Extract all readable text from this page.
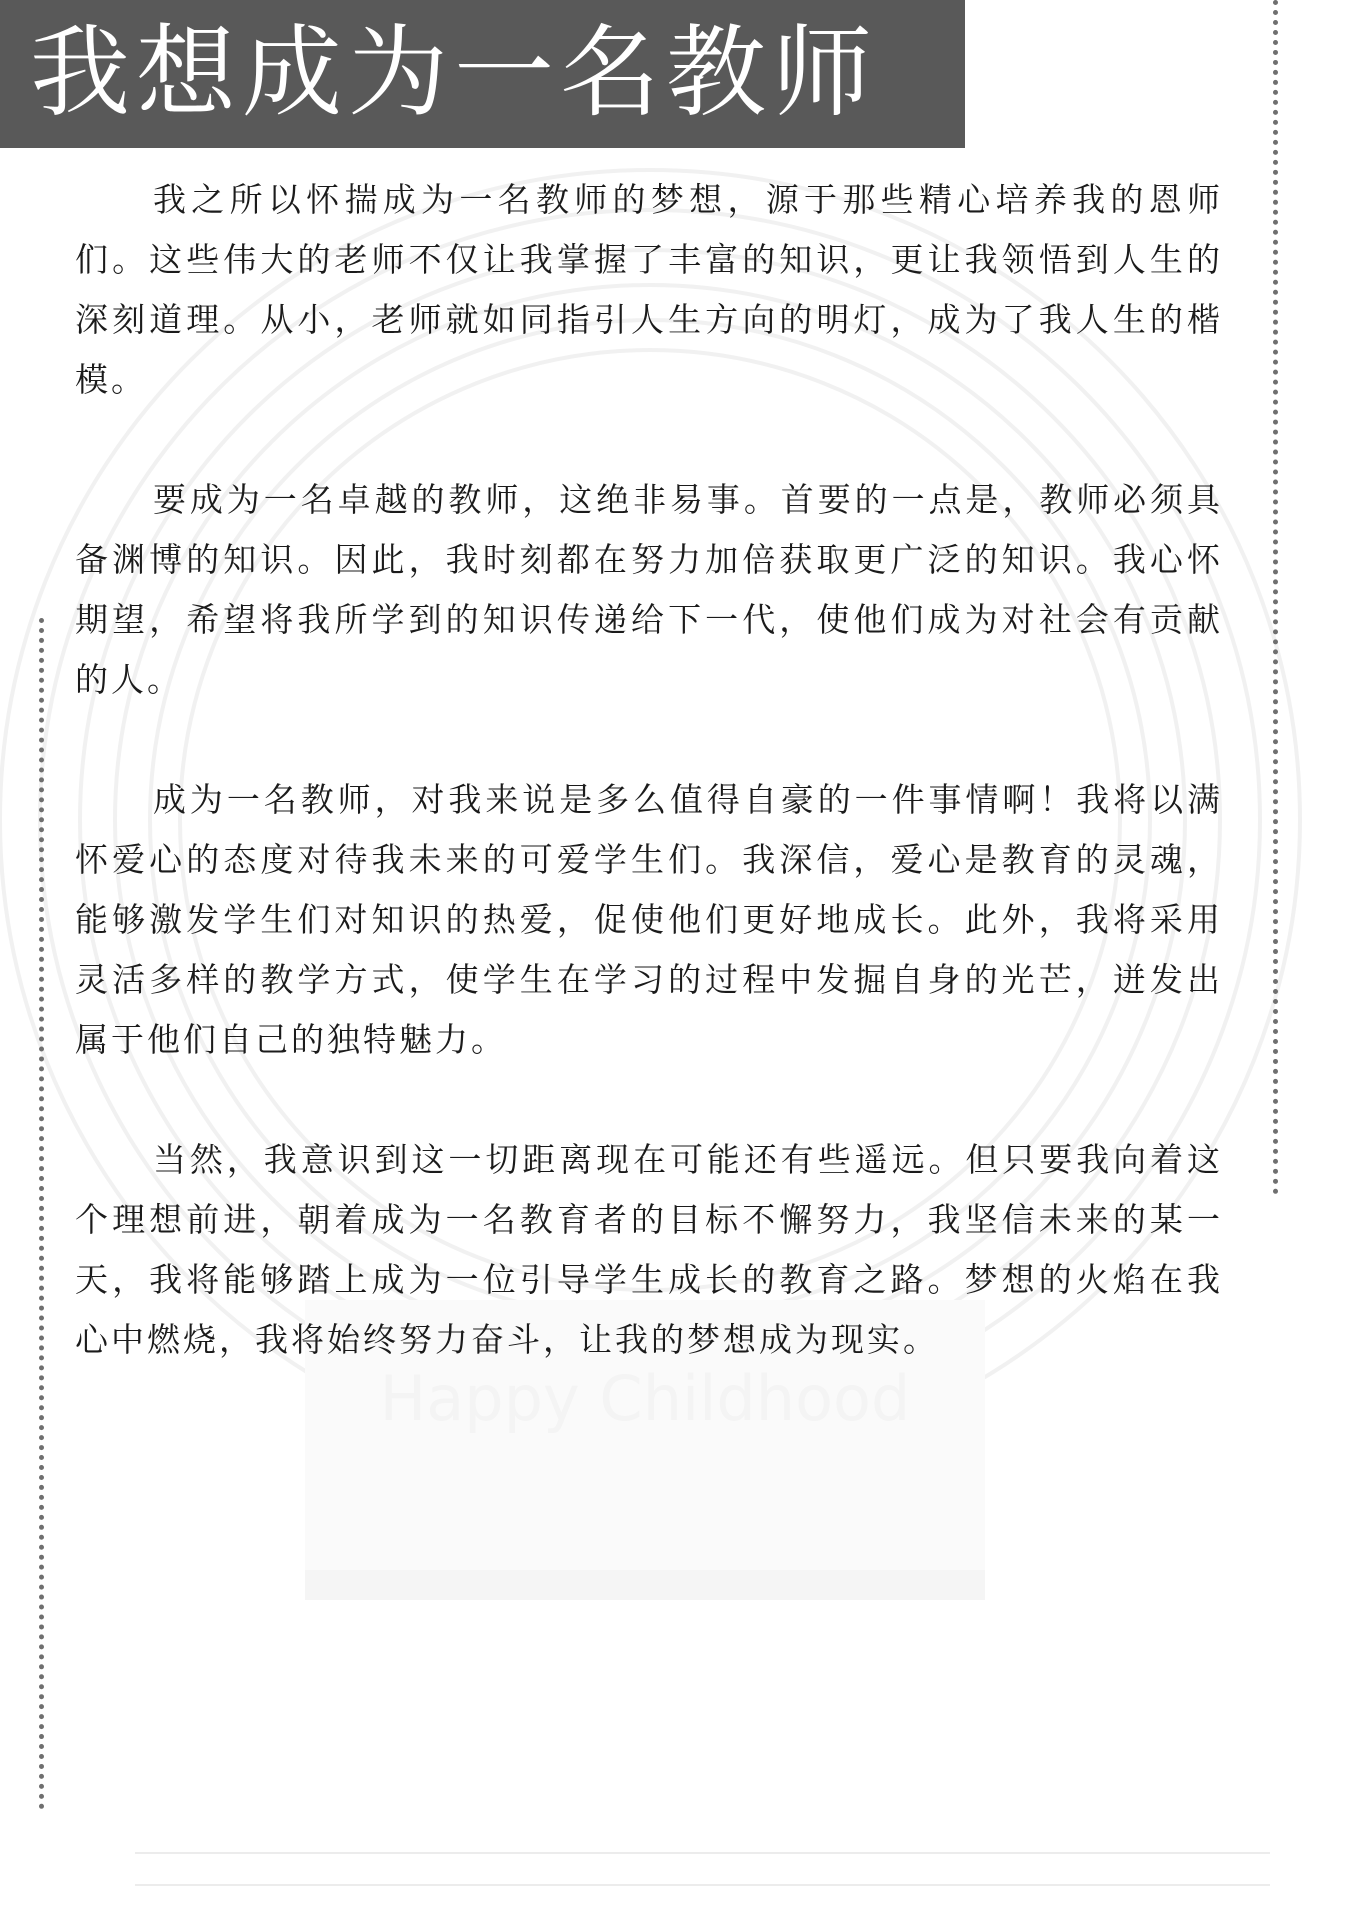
Happy Childhood
我想成为一名教师

我之所以怀揣成为一名教师的梦想，源于那些精心培养我的恩师们。这些伟大的老师不仅让我掌握了丰富的知识，更让我领悟到人生的深刻道理。从小，老师就如同指引人生方向的明灯，成为了我人生的楷模。

要成为一名卓越的教师，这绝非易事。首要的一点是，教师必须具备渊博的知识。因此，我时刻都在努力加倍获取更广泛的知识。我心怀期望，希望将我所学到的知识传递给下一代，使他们成为对社会有贡献的人。

成为一名教师，对我来说是多么值得自豪的一件事情啊！我将以满怀爱心的态度对待我未来的可爱学生们。我深信，爱心是教育的灵魂，能够激发学生们对知识的热爱，促使他们更好地成长。此外，我将采用灵活多样的教学方式，使学生在学习的过程中发掘自身的光芒，迸发出属于他们自己的独特魅力。

当然，我意识到这一切距离现在可能还有些遥远。但只要我向着这个理想前进，朝着成为一名教育者的目标不懈努力，我坚信未来的某一天，我将能够踏上成为一位引导学生成长的教育之路。梦想的火焰在我心中燃烧，我将始终努力奋斗，让我的梦想成为现实。
